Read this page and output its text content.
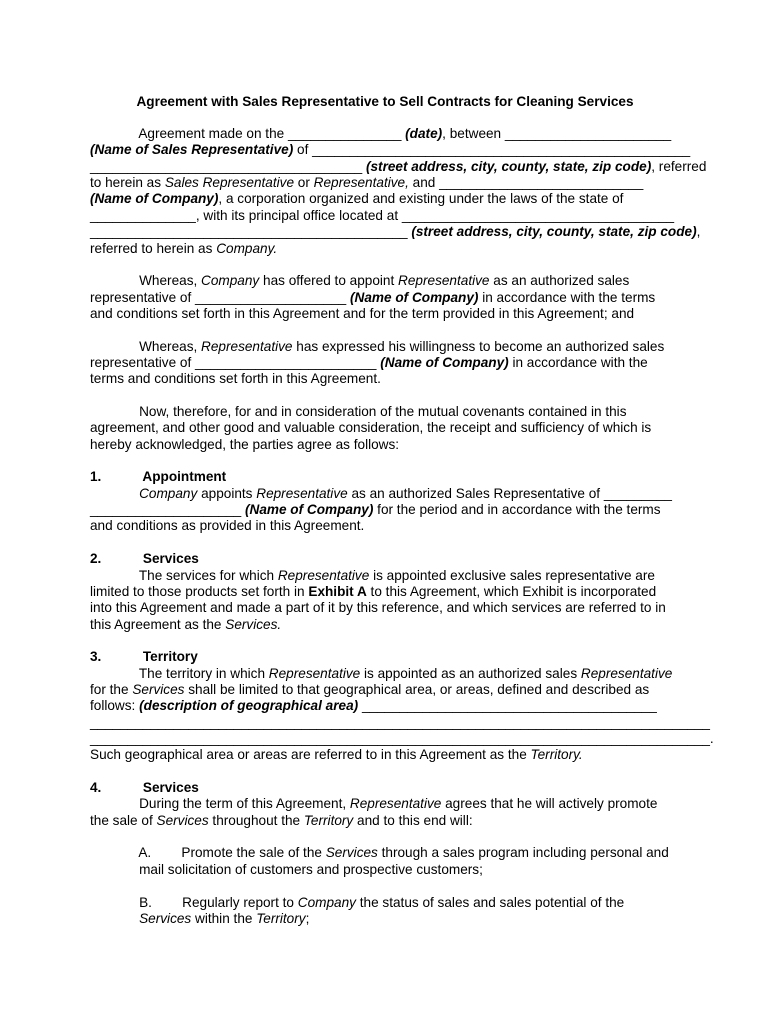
Agreement with Sales Representative to Sell Contracts for Cleaning Services
Agreement made on the _______________ (date), between ______________________
(Name of Sales Representative) of __________________________________________________
____________________________________ (street address, city, county, state, zip code), referred
to herein as Sales Representative or Representative, and ___________________________
(Name of Company), a corporation organized and existing under the laws of the state of
______________, with its principal office located at ____________________________________
__________________________________________ (street address, city, county, state, zip code),
referred to herein as Company.
Whereas, Company has offered to appoint Representative as an authorized sales
representative of ____________________ (Name of Company) in accordance with the terms
and conditions set forth in this Agreement and for the term provided in this Agreement; and
Whereas, Representative has expressed his willingness to become an authorized sales
representative of ________________________ (Name of Company) in accordance with the
terms and conditions set forth in this Agreement.
Now, therefore, for and in consideration of the mutual covenants contained in this
agreement, and other good and valuable consideration, the receipt and sufficiency of which is
hereby acknowledged, the parties agree as follows:
1.           Appointment
Company appoints Representative as an authorized Sales Representative of _________
____________________ (Name of Company) for the period and in accordance with the terms
and conditions as provided in this Agreement.
2.           Services
The services for which Representative is appointed exclusive sales representative are
limited to those products set forth in Exhibit A to this Agreement, which Exhibit is incorporated
into this Agreement and made a part of it by this reference, and which services are referred to in
this Agreement as the Services.
3.           Territory
The territory in which Representative is appointed as an authorized sales Representative
for the Services shall be limited to that geographical area, or areas, defined and described as
follows: (description of geographical area) _______________________________________
__________________________________________________________________________________
__________________________________________________________________________________.
Such geographical area or areas are referred to in this Agreement as the Territory.
4.           Services
During the term of this Agreement, Representative agrees that he will actively promote
the sale of Services throughout the Territory and to this end will:
A.        Promote the sale of the Services through a sales program including personal and
mail solicitation of customers and prospective customers;
B.        Regularly report to Company the status of sales and sales potential of the
Services within the Territory;
